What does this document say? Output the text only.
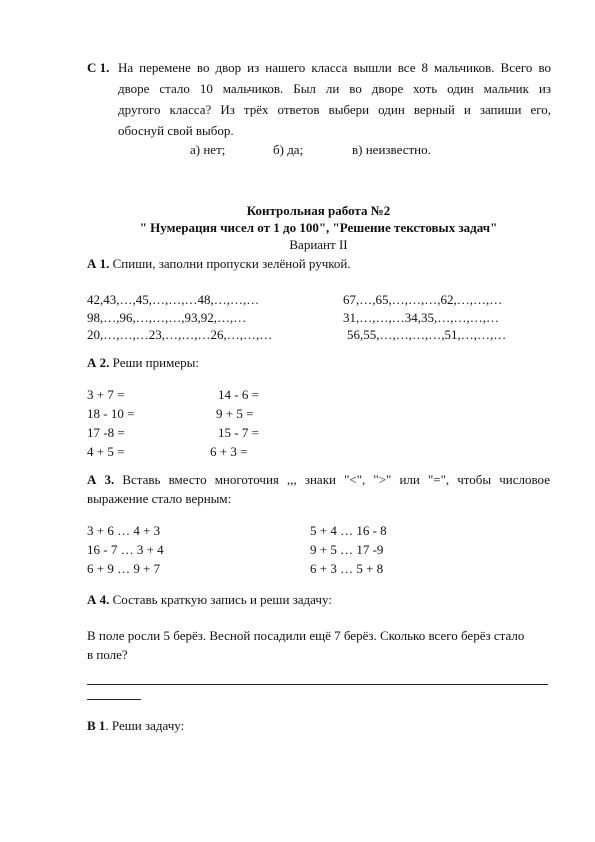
С 1. На перемене во двор из нашего класса вышли все 8 мальчиков. Всего во
дворе стало 10 мальчиков. Был ли во дворе хоть один мальчик из
другого класса? Из трёх ответов выбери один верный и запиши его,
обоснуй свой выбор.
а) нет;	б) да;	в) неизвестно.
Контрольная работа №2
" Нумерация чисел от 1 до 100", "Решение текстовых задач"
Вариант II
А 1. Спиши, заполни пропуски зелёной ручкой.
42,43,…,45,…,…,…48,…,…,…
98,…,96,…,…,…,93,92,…,…
20,…,…,…23,…,…,…26,…,…,…
67,…,65,…,…,…,62,…,…,…
31,…,…,…34,35,…,…,…,…
56,55,…,…,…,…,51,…,…,…
А 2. Реши примеры:
3 + 7 =
18 - 10 =
17 -8 =
4 + 5 =
14 - 6 =
9 + 5 =
15 - 7 =
6 + 3 =
А 3. Вставь вместо многоточия ,,, знаки "<", ">" или "=", чтобы числовое
выражение стало верным:
3 + 6 … 4 + 3
16 - 7 … 3 + 4
6 + 9 … 9 + 7
5 + 4 … 16 - 8
9 + 5 … 17 -9
6 + 3 … 5 + 8
А 4. Составь краткую запись и реши задачу:
В поле росли 5 берёз. Весной посадили ещё 7 берёз. Сколько всего берёз стало
в поле?
В 1. Реши задачу:
